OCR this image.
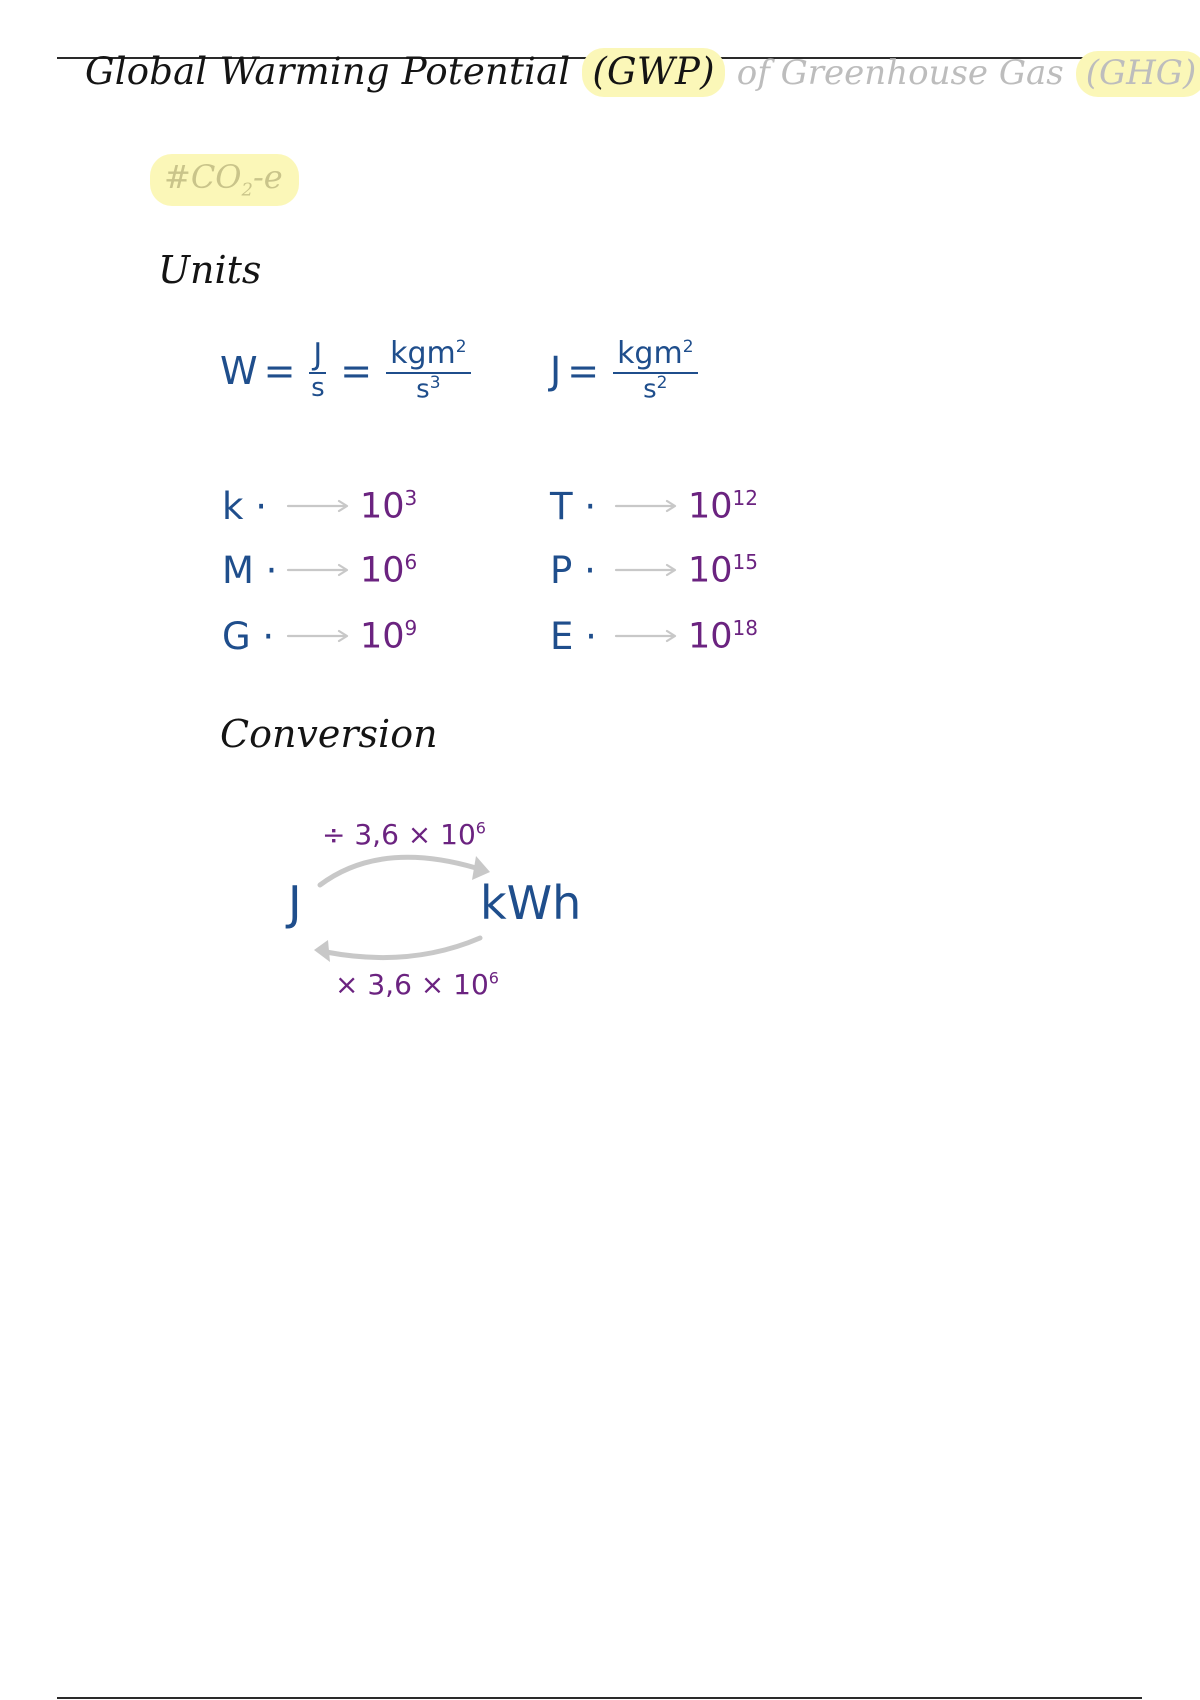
Global Warming Potential (GWP) of Greenhouse Gas (GHG)
$\#CO_2-e$
Units
$W = \frac{J}{s} = \frac{kgm^2}{s^3}$ $J = \frac{kgm^2}{s^2}$
k ·	$10^3$
$M \cdot 10^6$
$G \cdot 10^9$
T ·	$10^{12}$
P ·	$10^{15}$
E ·	$10^{18}$
Conversion
÷ $3,6 \times 10^6$
J	kWh
× $3,6 \times 10^6$
